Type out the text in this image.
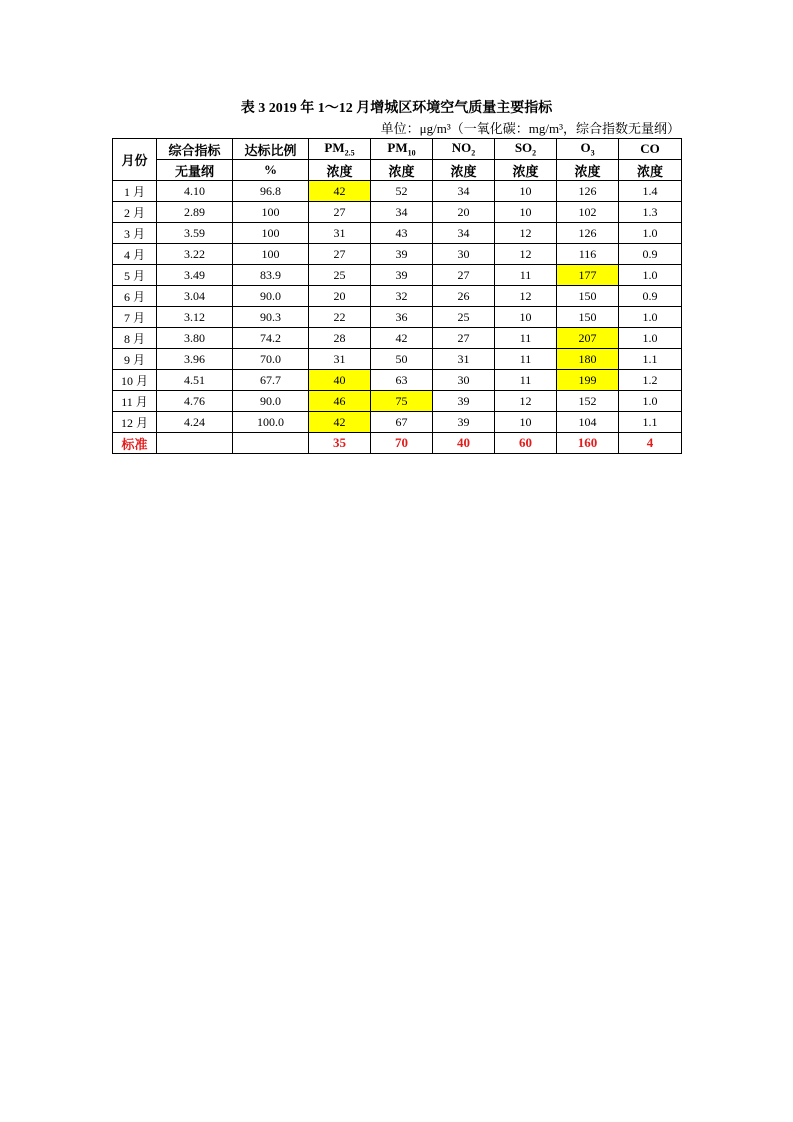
表 3 2019 年 1～12 月增城区环境空气质量主要指标
单位：μg/m³（一氧化碳：mg/m³，综合指数无量纲）
月份	综合指标	达标比例	$PM_{2.5}$	$PM_{10}$	$NO_2$	$SO_2$	$O_3$	CO
	无量纲	%	浓度	浓度	浓度	浓度	浓度	浓度
1 月	4.10	96.8	42	52	34	10	126	1.4
2 月	2.89	100	27	34	20	10	102	1.3
3 月	3.59	100	31	43	34	12	126	1.0
4 月	3.22	100	27	39	30	12	116	0.9
5 月	3.49	83.9	25	39	27	11	177	1.0
6 月	3.04	90.0	20	32	26	12	150	0.9
7 月	3.12	90.3	22	36	25	10	150	1.0
8 月	3.80	74.2	28	42	27	11	207	1.0
9 月	3.96	70.0	31	50	31	11	180	1.1
10 月	4.51	67.7	40	63	30	11	199	1.2
11 月	4.76	90.0	46	75	39	12	152	1.0
12 月	4.24	100.0	42	67	39	10	104	1.1
标准			35	70	40	60	160	4
